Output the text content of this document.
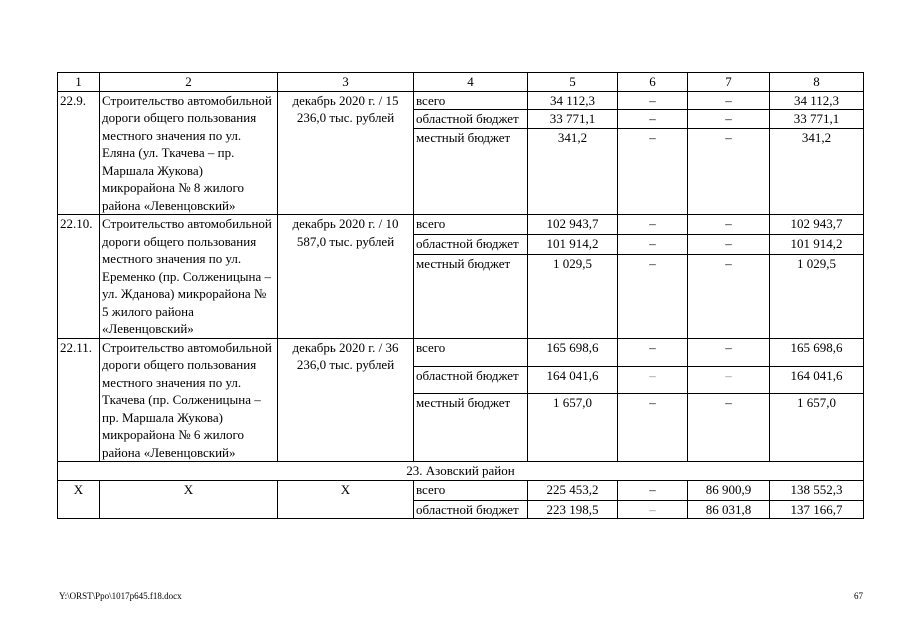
1	2	3	4	5	6	7	8
22.9.	Строительство автомобильной дороги общего пользования местного значения по ул. Еляна (ул. Ткачева – пр. Маршала Жукова) микрорайона № 8 жилого района «Левенцовский»	декабрь 2020 г. / 15 236,0 тыс. рублей	всего	34 112,3	–	–	34 112,3
			областной бюджет	33 771,1	–	–	33 771,1
			местный бюджет	341,2	–	–	341,2
22.10.	Строительство автомобильной дороги общего пользования местного значения по ул. Еременко (пр. Солженицына – ул. Жданова) микрорайона № 5 жилого района «Левенцовский»	декабрь 2020 г. / 10 587,0 тыс. рублей	всего	102 943,7	–	–	102 943,7
			областной бюджет	101 914,2	–	–	101 914,2
			местный бюджет	1 029,5	–	–	1 029,5
22.11.	Строительство автомобильной дороги общего пользования местного значения по ул. Ткачева (пр. Солженицына – пр. Маршала Жукова) микрорайона № 6 жилого района «Левенцовский»	декабрь 2020 г. / 36 236,0 тыс. рублей	всего	165 698,6	–	–	165 698,6
			областной бюджет	164 041,6	–	–	164 041,6
			местный бюджет	1 657,0	–	–	1 657,0
23. Азовский район							
X	X	X	всего	225 453,2	–	86 900,9	138 552,3
			областной бюджет	223 198,5	–	86 031,8	137 166,7
Y:\ORST\Ppo\1017p645.f18.docx	67
